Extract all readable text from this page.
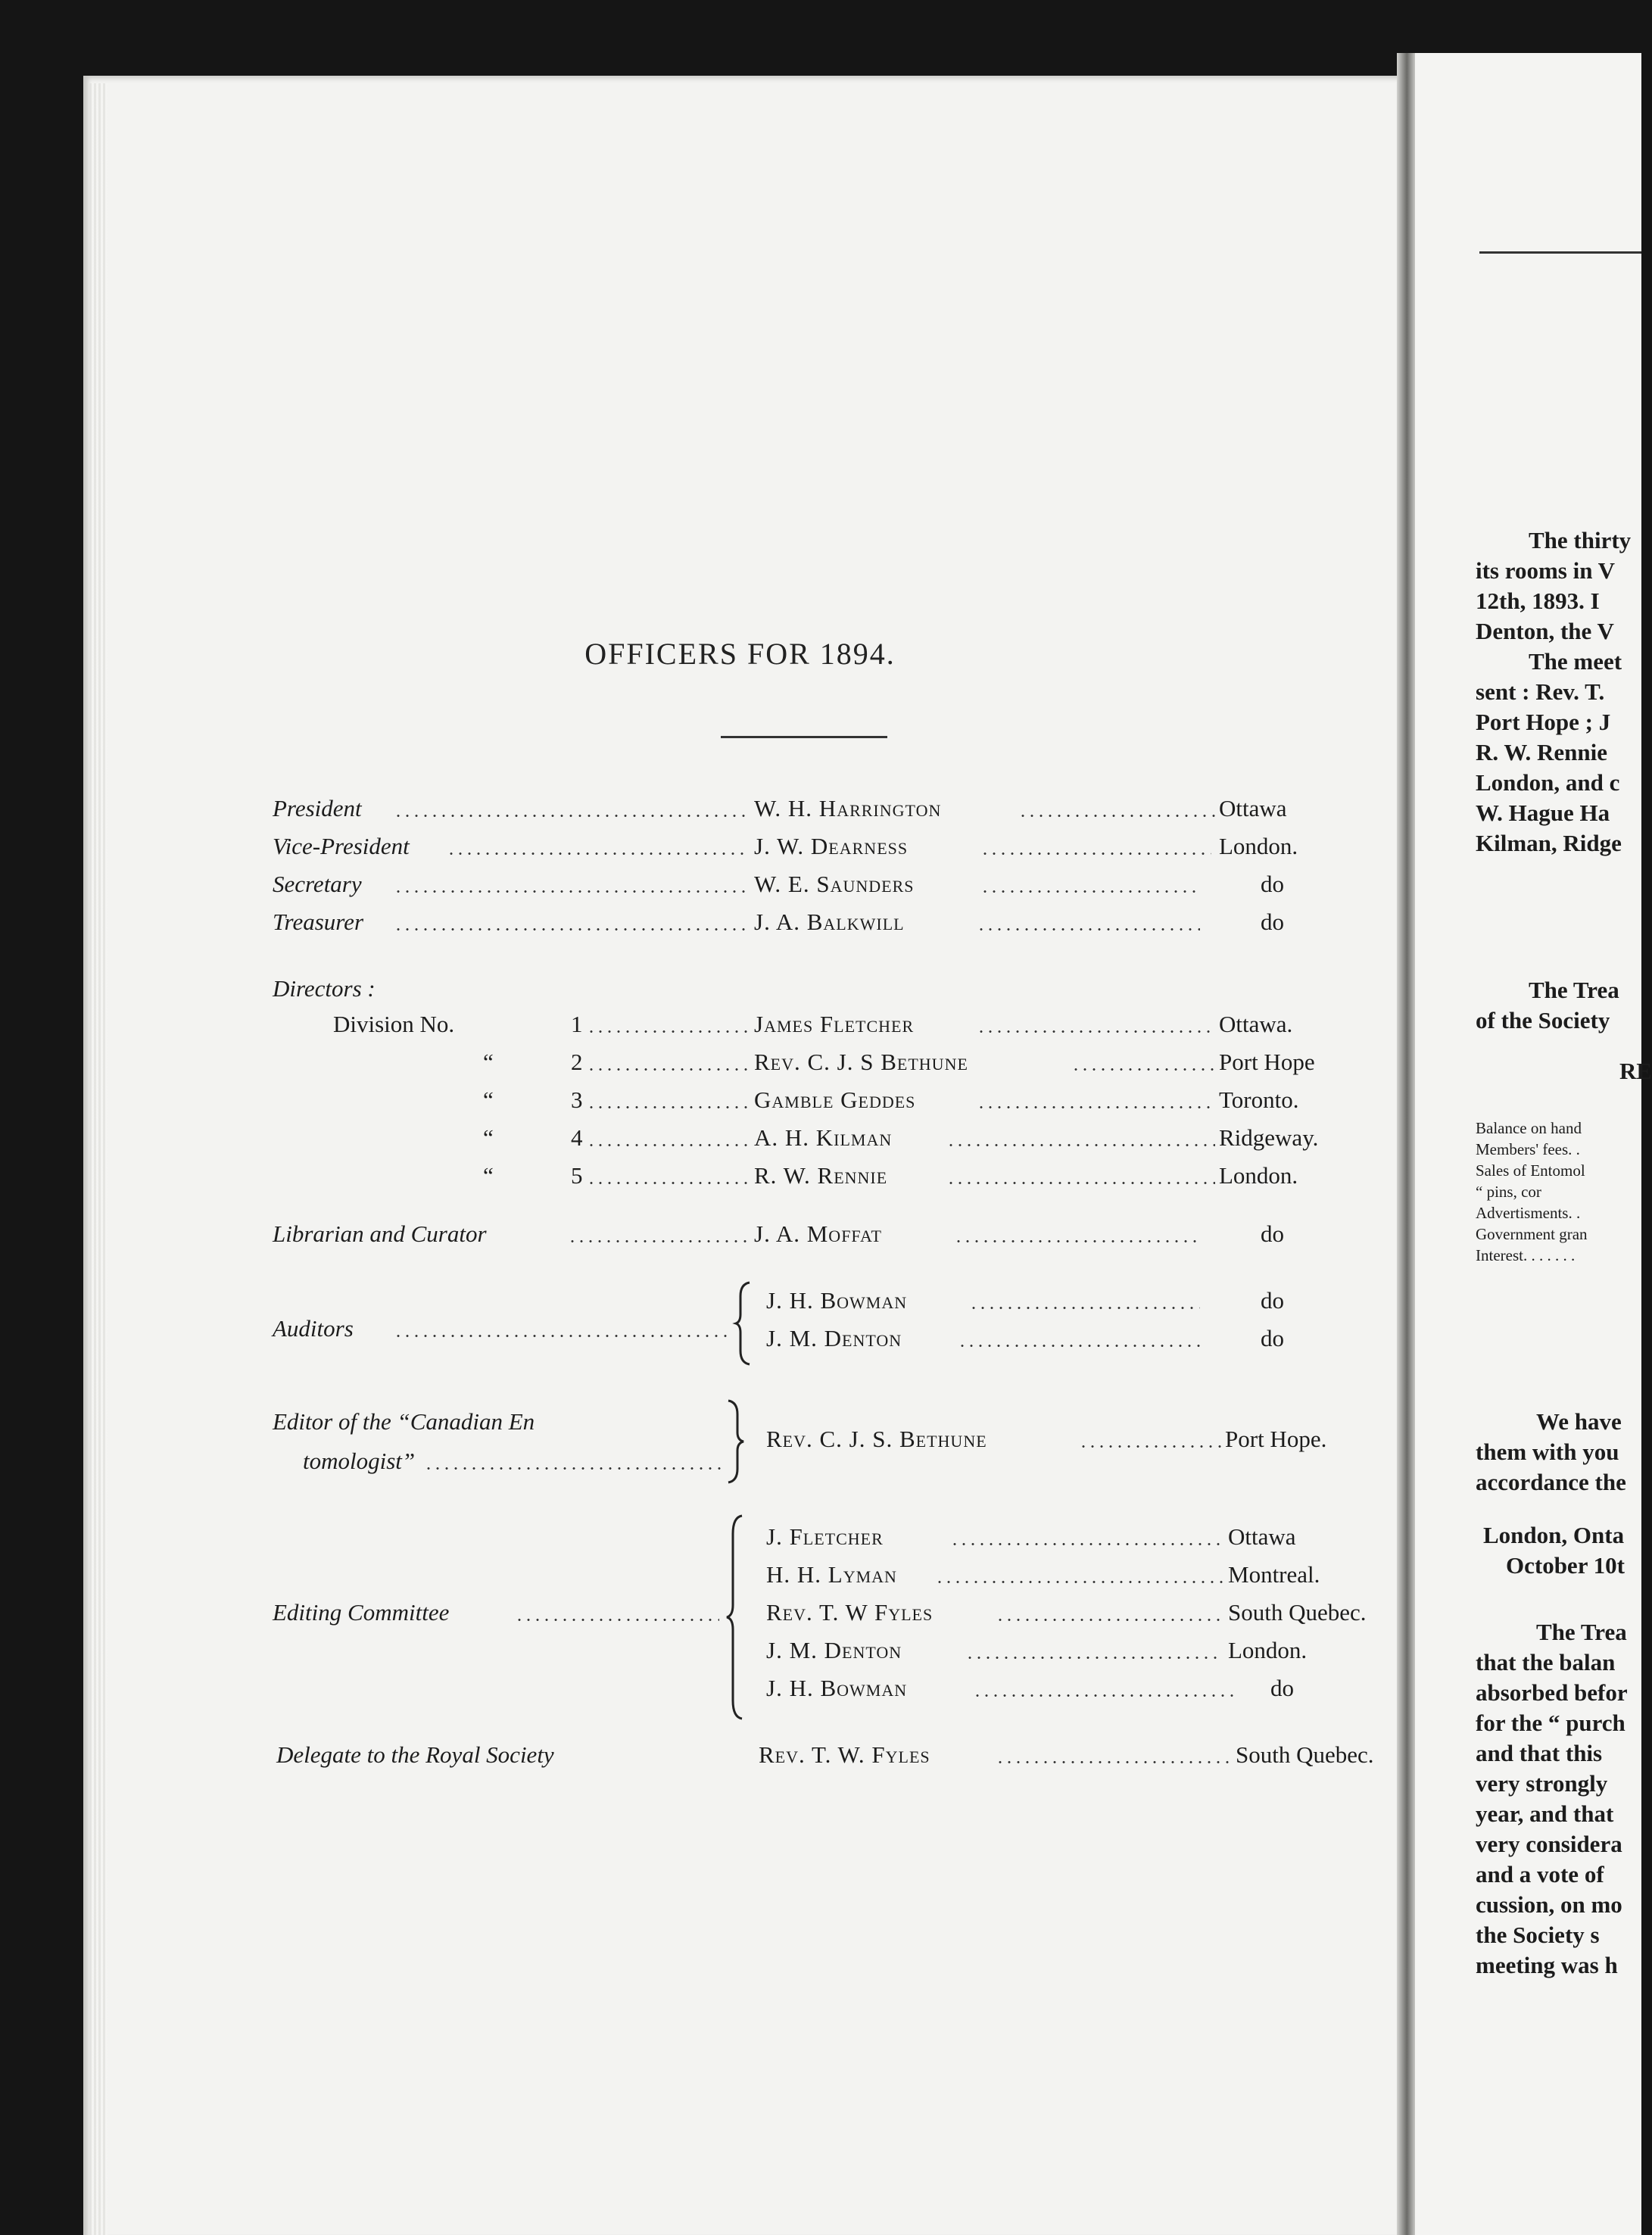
OFFICERS FOR 1894.
President	W. H. Harrington	Ottawa
Vice-President	J. W. Dearness	London.
Secretary	W. E. Saunders	do
Treasurer	J. A. Balkwill	do
Directors :
Division No.	1	James Fletcher	Ottawa.
“	2	Rev. C. J. S Bethune	Port Hope
“	3	Gamble Geddes	Toronto.
“	4	A. H. Kilman	Ridgeway.
“	5	R. W. Rennie	London.
Librarian and Curator	J. A. Moffat	do
Auditors
J. H. Bowman	do
J. M. Denton	do
Editor of the “Canadian En
tomologist”
Rev. C. J. S. Bethune	Port Hope.
Editing Committee
J. Fletcher	Ottawa
H. H. Lyman	Montreal.
Rev. T. W Fyles	South Quebec.
J. M. Denton	London.
J. H. Bowman	do
Delegate to the Royal Society	Rev. T. W. Fyles	South Quebec.
The thirty
its rooms in V
12th, 1893. I
Denton, the V
The meet
sent : Rev. T.
Port Hope ; J
R. W. Rennie
London, and c
W. Hague Ha
Kilman, Ridge
The Trea
of the Society
RE
Balance on hand
Members' fees. .
Sales of Entomol
“ pins, cor
Advertisments. .
Government gran
Interest. . . . . . .
We have
them with you
accordance the
London, Onta
October 10t
The Trea
that the balan
absorbed befor
for the “ purch
and that this
very strongly
year, and that
very considera
and a vote of
cussion, on mo
the Society s
meeting was h
